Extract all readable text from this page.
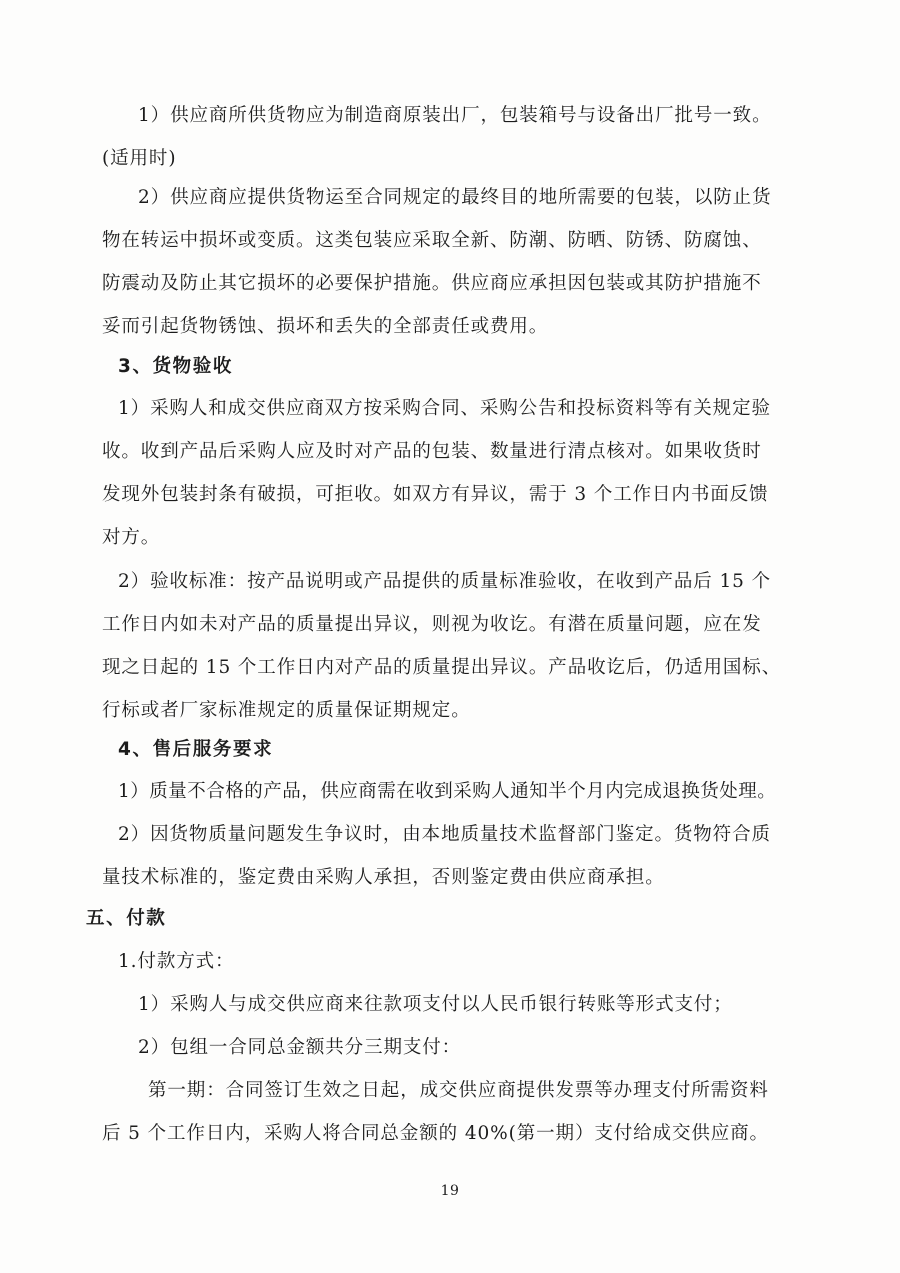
1）供应商所供货物应为制造商原装出厂，包装箱号与设备出厂批号一致。
(适用时)
2）供应商应提供货物运至合同规定的最终目的地所需要的包装，以防止货
物在转运中损坏或变质。这类包装应采取全新、防潮、防晒、防锈、防腐蚀、
防震动及防止其它损坏的必要保护措施。供应商应承担因包装或其防护措施不
妥而引起货物锈蚀、损坏和丢失的全部责任或费用。
3、货物验收
1）采购人和成交供应商双方按采购合同、采购公告和投标资料等有关规定验
收。收到产品后采购人应及时对产品的包装、数量进行清点核对。如果收货时
发现外包装封条有破损，可拒收。如双方有异议，需于 3 个工作日内书面反馈
对方。
2）验收标准：按产品说明或产品提供的质量标准验收，在收到产品后 15 个
工作日内如未对产品的质量提出异议，则视为收讫。有潜在质量问题，应在发
现之日起的 15 个工作日内对产品的质量提出异议。产品收讫后，仍适用国标、
行标或者厂家标准规定的质量保证期规定。
4、售后服务要求
1）质量不合格的产品，供应商需在收到采购人通知半个月内完成退换货处理。
2）因货物质量问题发生争议时，由本地质量技术监督部门鉴定。货物符合质
量技术标准的，鉴定费由采购人承担，否则鉴定费由供应商承担。
五、付款
1.付款方式：
1）采购人与成交供应商来往款项支付以人民币银行转账等形式支付；
2）包组一合同总金额共分三期支付：
第一期：合同签订生效之日起，成交供应商提供发票等办理支付所需资料
后 5 个工作日内，采购人将合同总金额的 40%(第一期）支付给成交供应商。
19
